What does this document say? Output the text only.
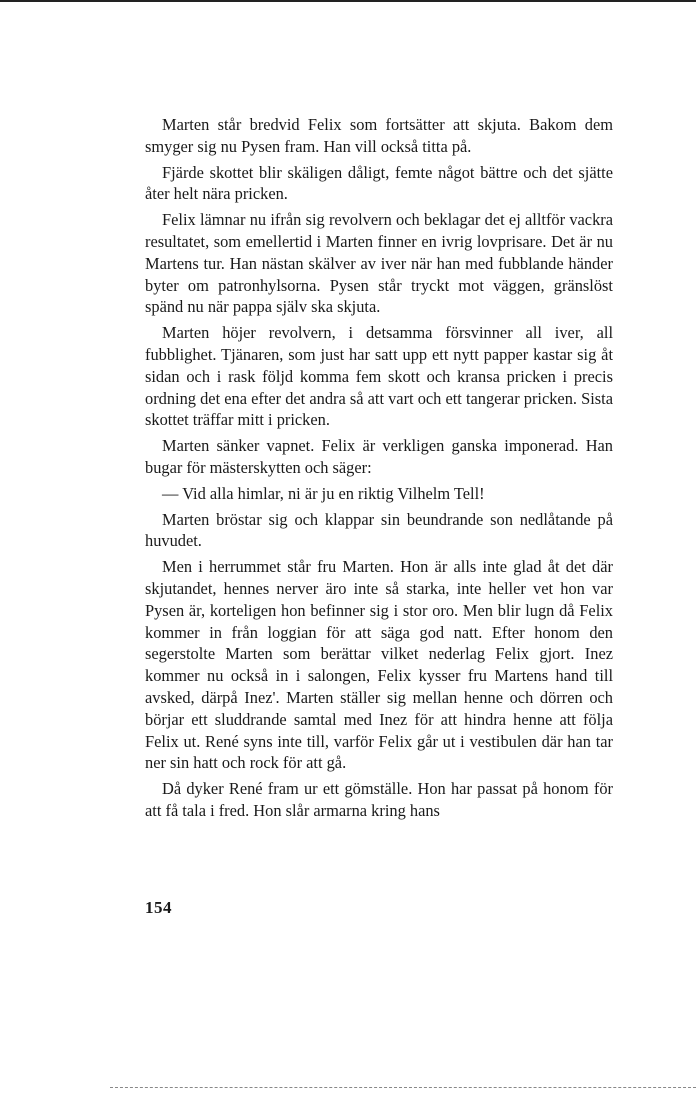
Marten står bredvid Felix som fortsätter att skjuta. Bakom dem smyger sig nu Pysen fram. Han vill också titta på.

Fjärde skottet blir skäligen dåligt, femte något bättre och det sjätte åter helt nära pricken.

Felix lämnar nu ifrån sig revolvern och beklagar det ej alltför vackra resultatet, som emellertid i Marten finner en ivrig lovprisare. Det är nu Martens tur. Han nästan skälver av iver när han med fubblande händer byter om patronhylsorna. Pysen står tryckt mot väggen, gränslöst spänd nu när pappa själv ska skjuta.

Marten höjer revolvern, i detsamma försvinner all iver, all fubblighet. Tjänaren, som just har satt upp ett nytt papper kastar sig åt sidan och i rask följd komma fem skott och kransa pricken i precis ordning det ena efter det andra så att vart och ett tangerar pricken. Sista skottet träffar mitt i pricken.

Marten sänker vapnet. Felix är verkligen ganska imponerad. Han bugar för mästerskytten och säger:

— Vid alla himlar, ni är ju en riktig Vilhelm Tell!

Marten bröstar sig och klappar sin beundrande son nedlåtande på huvudet.

Men i herrummet står fru Marten. Hon är alls inte glad åt det där skjutandet, hennes nerver äro inte så starka, inte heller vet hon var Pysen är, korteligen hon befinner sig i stor oro. Men blir lugn då Felix kommer in från loggian för att säga god natt. Efter honom den segerstolte Marten som berättar vilket nederlag Felix gjort. Inez kommer nu också in i salongen, Felix kysser fru Martens hand till avsked, därpå Inez'. Marten ställer sig mellan henne och dörren och börjar ett sluddrande samtal med Inez för att hindra henne att följa Felix ut. René syns inte till, varför Felix går ut i vestibulen där han tar ner sin hatt och rock för att gå.

Då dyker René fram ur ett gömställe. Hon har passat på honom för att få tala i fred. Hon slår armarna kring hans

154
